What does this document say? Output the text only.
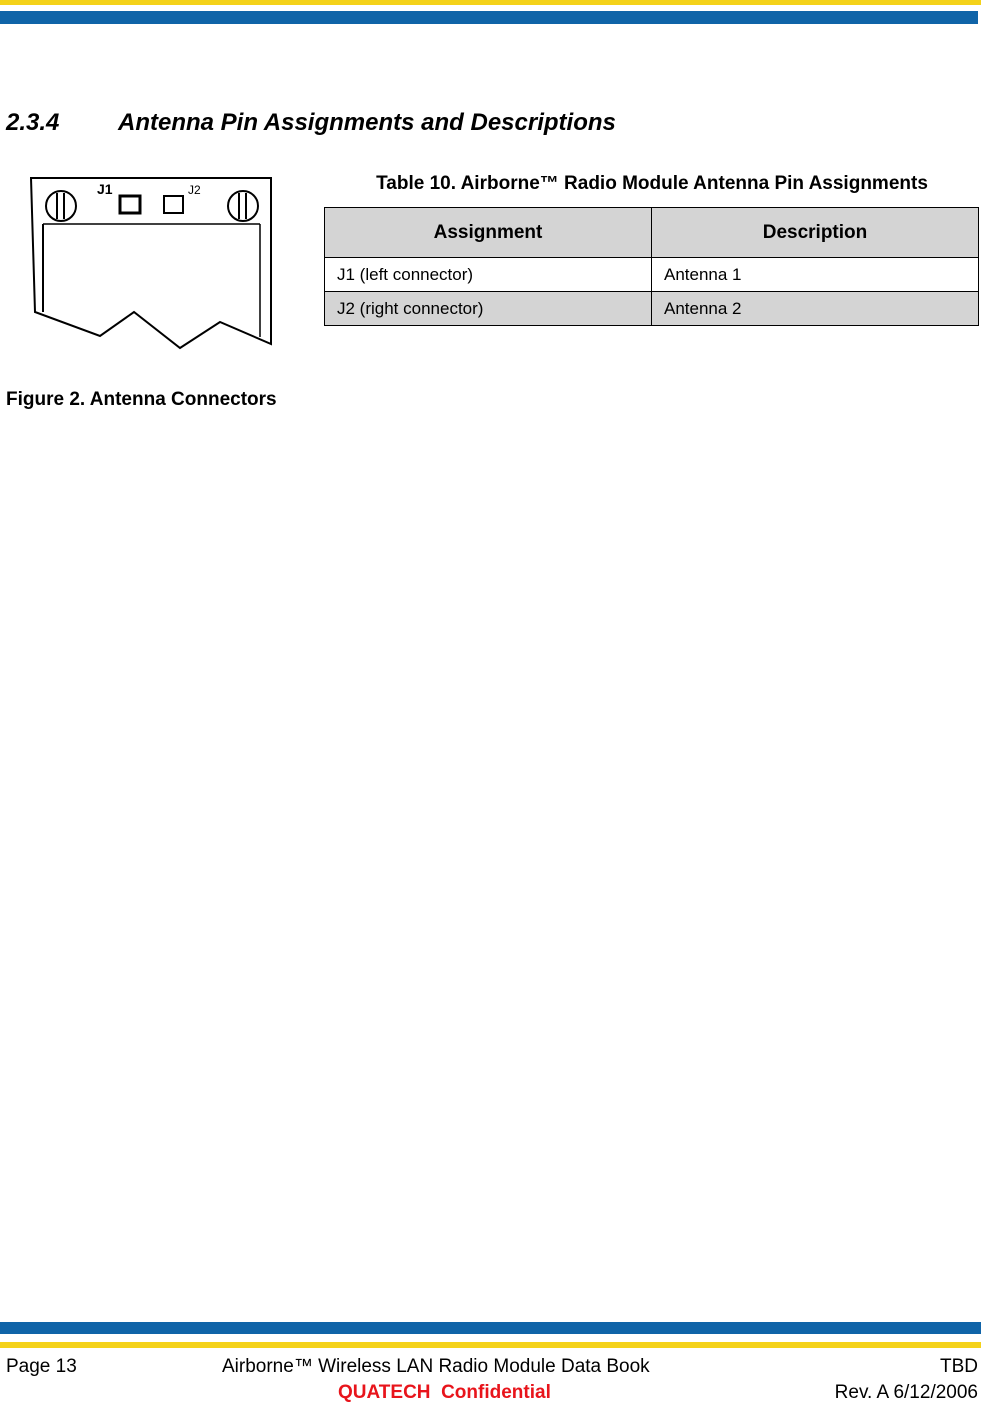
2.3.4 Antenna Pin Assignments and Descriptions
J1	J2
Figure 2. Antenna Connectors
Table 10. Airborne™ Radio Module Antenna Pin Assignments
Assignment	Description
J1 (left connector)	Antenna 1
J2 (right connector)	Antenna 2
Page 13	Airborne™ Wireless LAN Radio Module Data Book	TBD
QUATECH  Confidential	Rev. A 6/12/2006
